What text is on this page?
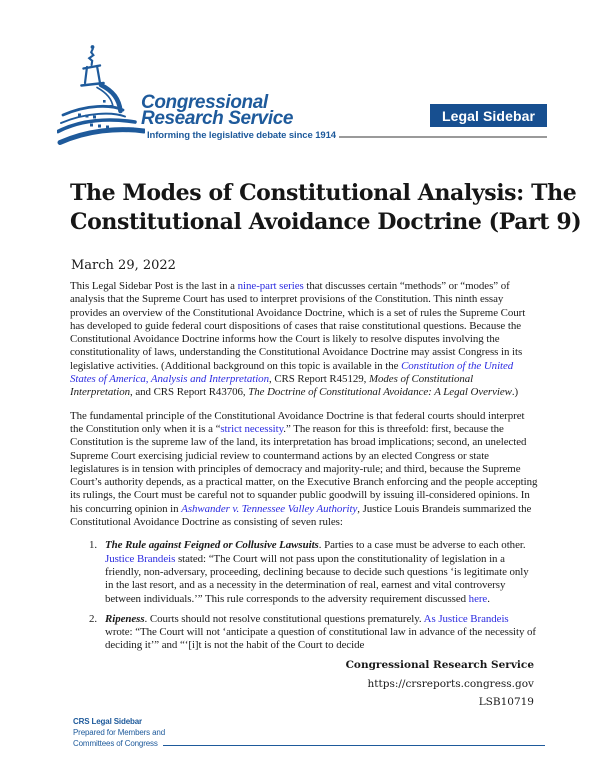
Congressional
Research Service
Informing the legislative debate since 1914
Legal Sidebar
The Modes of Constitutional Analysis: The
Constitutional Avoidance Doctrine (Part 9)
March 29, 2022

This Legal Sidebar Post is the last in a nine-part series that discusses certain “methods” or “modes” of analysis that the Supreme Court has used to interpret provisions of the Constitution. This ninth essay provides an overview of the Constitutional Avoidance Doctrine, which is a set of rules the Supreme Court has developed to guide federal court dispositions of cases that raise constitutional questions. Because the Constitutional Avoidance Doctrine informs how the Court is likely to resolve disputes involving the constitutionality of laws, understanding the Constitutional Avoidance Doctrine may assist Congress in its legislative activities. (Additional background on this topic is available in the Constitution of the United States of America, Analysis and Interpretation, CRS Report R45129, Modes of Constitutional Interpretation, and CRS Report R43706, The Doctrine of Constitutional Avoidance: A Legal Overview.)

The fundamental principle of the Constitutional Avoidance Doctrine is that federal courts should interpret the Constitution only when it is a “strict necessity.” The reason for this is threefold: first, because the Constitution is the supreme law of the land, its interpretation has broad implications; second, an unelected Supreme Court exercising judicial review to countermand actions by an elected Congress or state legislatures is in tension with principles of democracy and majority-rule; and third, because the Supreme Court’s authority depends, as a practical matter, on the Executive Branch enforcing and the people accepting its rulings, the Court must be careful not to squander public goodwill by issuing ill-considered opinions. In his concurring opinion in Ashwander v. Tennessee Valley Authority, Justice Louis Brandeis summarized the Constitutional Avoidance Doctrine as consisting of seven rules:

1. The Rule against Feigned or Collusive Lawsuits. Parties to a case must be adverse to each other. Justice Brandeis stated: “The Court will not pass upon the constitutionality of legislation in a friendly, non-adversary, proceeding, declining because to decide such questions ‘is legitimate only in the last resort, and as a necessity in the determination of real, earnest and vital controversy between individuals.’” This rule corresponds to the adversity requirement discussed here.
2. Ripeness. Courts should not resolve constitutional questions prematurely. As Justice Brandeis wrote: “The Court will not ‘anticipate a question of constitutional law in advance of the necessity of deciding it’” and “‘[i]t is not the habit of the Court to decide
Congressional Research Service
https://crsreports.congress.gov
LSB10719
CRS Legal Sidebar
Prepared for Members and
Committees of Congress
